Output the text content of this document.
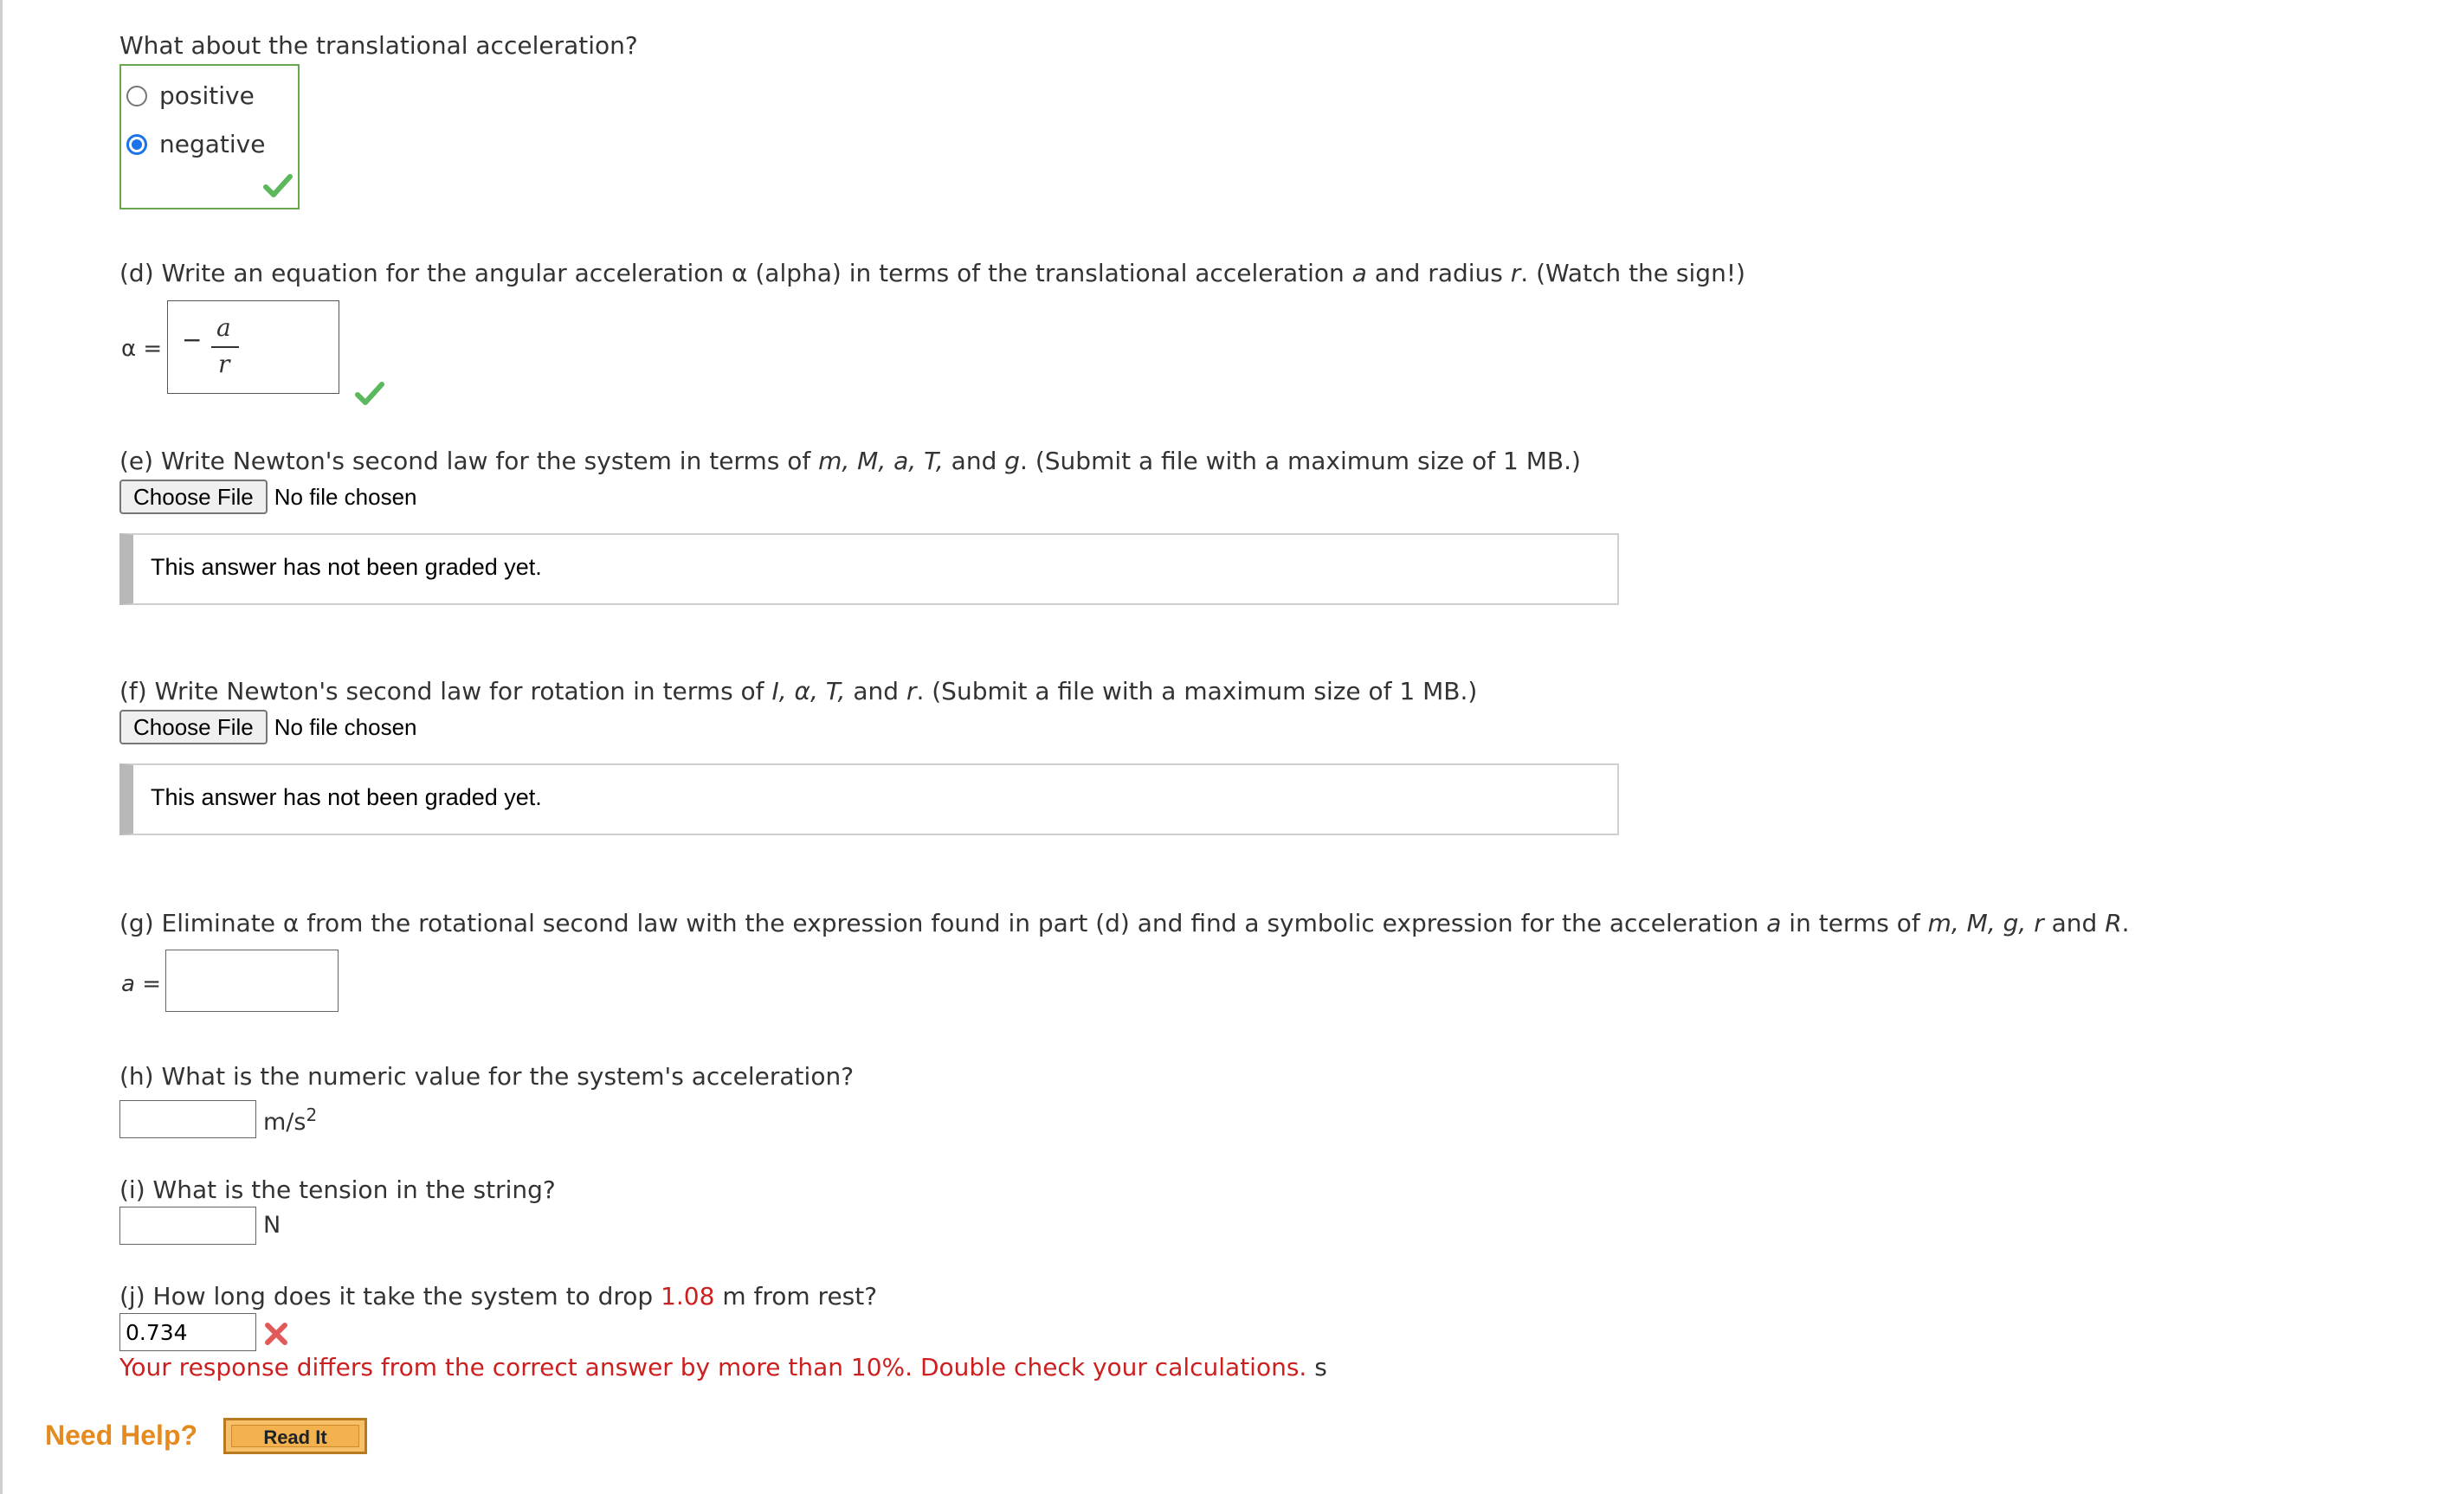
What about the translational acceleration?
positive
negative
(d) Write an equation for the angular acceleration α (alpha) in terms of the translational acceleration a and radius r. (Watch the sign!)
α = − a
r
(e) Write Newton's second law for the system in terms of m, M, a, T, and g. (Submit a file with a maximum size of 1 MB.)
Choose File No file chosen
This answer has not been graded yet.
(f) Write Newton's second law for rotation in terms of I, α, T, and r. (Submit a file with a maximum size of 1 MB.)
Choose File No file chosen
This answer has not been graded yet.
(g) Eliminate α from the rotational second law with the expression found in part (d) and find a symbolic expression for the acceleration a in terms of m, M, g, r and R.
a =
(h) What is the numeric value for the system's acceleration?
$m/s^2$
(i) What is the tension in the string?
N
(j) How long does it take the system to drop 1.08 m from rest?
0.734
Your response differs from the correct answer by more than 10%. Double check your calculations. s
Need Help?	Read It
